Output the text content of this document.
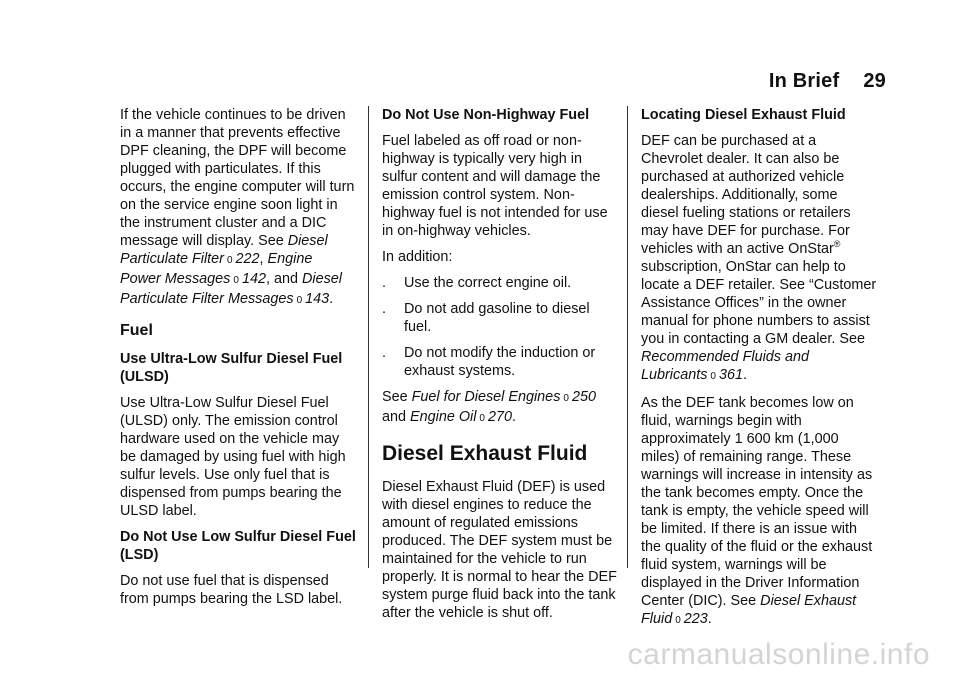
In Brief 29

If the vehicle continues to be driven in a manner that prevents effective DPF cleaning, the DPF will become plugged with particulates. If this occurs, the engine computer will turn on the service engine soon light in the instrument cluster and a DIC message will display. See Diesel Particulate Filter 0 222, Engine Power Messages 0 142, and Diesel Particulate Filter Messages 0 143.

Fuel
Use Ultra-Low Sulfur Diesel Fuel (ULSD)

Use Ultra-Low Sulfur Diesel Fuel (ULSD) only. The emission control hardware used on the vehicle may be damaged by using fuel with high sulfur levels. Use only fuel that is dispensed from pumps bearing the ULSD label.

Do Not Use Low Sulfur Diesel Fuel (LSD)

Do not use fuel that is dispensed from pumps bearing the LSD label.

Do Not Use Non-Highway Fuel

Fuel labeled as off road or non-highway is typically very high in sulfur content and will damage the emission control system. Non-highway fuel is not intended for use in on-highway vehicles.

In addition:

.	Use the correct engine oil.
.	Do not add gasoline to diesel fuel.
.	Do not modify the induction or exhaust systems.

See Fuel for Diesel Engines 0 250
and Engine Oil 0 270.

Diesel Exhaust Fluid

Diesel Exhaust Fluid (DEF) is used with diesel engines to reduce the amount of regulated emissions produced. The DEF system must be maintained for the vehicle to run properly. It is normal to hear the DEF system purge fluid back into the tank after the vehicle is shut off.

Locating Diesel Exhaust Fluid

DEF can be purchased at a Chevrolet dealer. It can also be purchased at authorized vehicle dealerships. Additionally, some diesel fueling stations or retailers may have DEF for purchase. For vehicles with an active OnStar® subscription, OnStar can help to locate a DEF retailer. See “Customer Assistance Offices” in the owner manual for phone numbers to assist you in contacting a GM dealer. See Recommended Fluids and Lubricants 0 361.

As the DEF tank becomes low on fluid, warnings begin with approximately 1 600 km (1,000 miles) of remaining range. These warnings will increase in intensity as the tank becomes empty. Once the tank is empty, the vehicle speed will be limited. If there is an issue with the quality of the fluid or the exhaust fluid system, warnings will be displayed in the Driver Information Center (DIC). See Diesel Exhaust Fluid 0 223.

carmanualsonline.info
